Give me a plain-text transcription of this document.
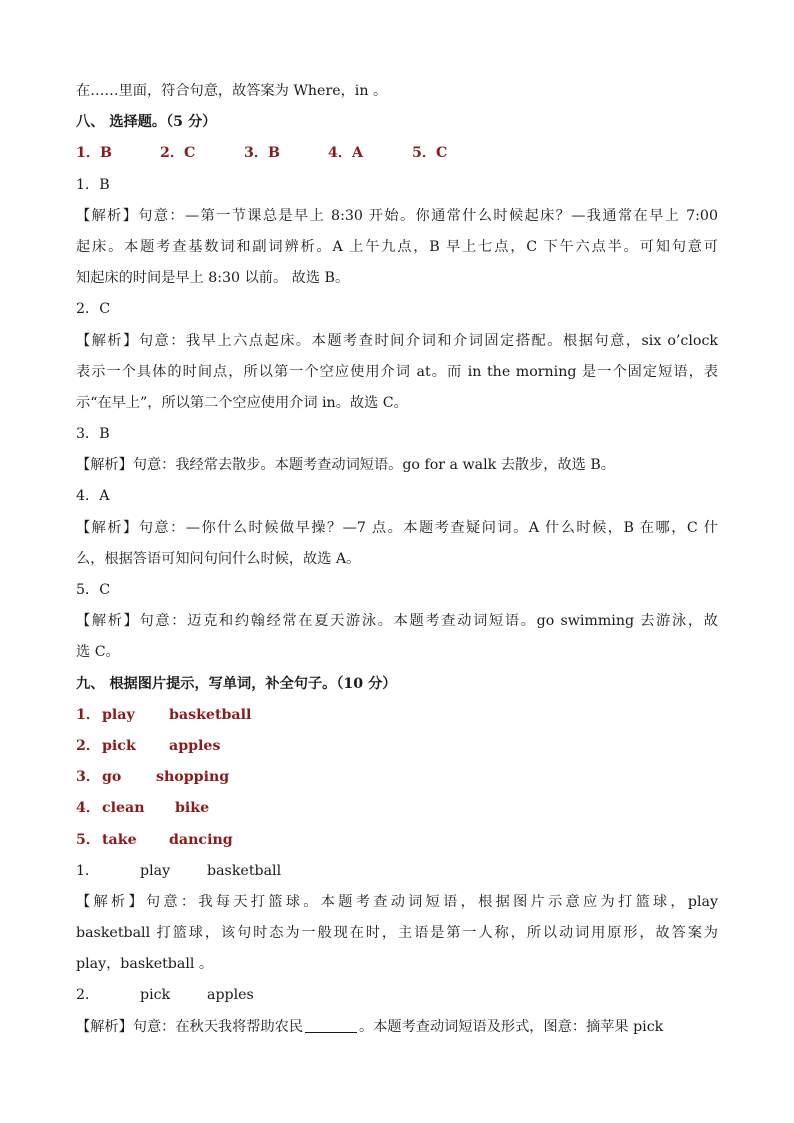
在……里面，符合句意，故答案为 Where，in 。
八、 选择题。（5 分）
1．B	2．C	3．B	4．A	5．C
1．B
【解析】句意：—第一节课总是早上 8:30 开始。你通常什么时候起床？—我通常在早上 7:00
起床。本题考查基数词和副词辨析。A 上午九点，B 早上七点，C 下午六点半。可知句意可
知起床的时间是早上 8:30 以前。 故选 B。
2．C
【解析】句意：我早上六点起床。本题考查时间介词和介词固定搭配。根据句意，six o’clock
表示一个具体的时间点，所以第一个空应使用介词 at。而 in the morning 是一个固定短语，表
示“在早上”，所以第二个空应使用介词 in。故选 C。
3．B
【解析】句意：我经常去散步。本题考查动词短语。go for a walk 去散步，故选 B。
4．A
【解析】句意：—你什么时候做早操？—7 点。本题考查疑问词。A 什么时候，B 在哪，C 什
么，根据答语可知问句问什么时候，故选 A。
5．C
【解析】句意：迈克和约翰经常在夏天游泳。本题考查动词短语。go swimming 去游泳，故
选 C。
九、 根据图片提示，写单词，补全句子。（10 分）
1． play basketball
2． pick apples
3． go shopping
4． clean bike
5． take dancing
1．	play	basketball
【解析】句意：我每天打篮球。本题考查动词短语，根据图片示意应为打篮球，play
basketball 打篮球，该句时态为一般现在时，主语是第一人称，所以动词用原形，故答案为
play，basketball 。
2．	pick	apples
【解析】句意：在秋天我将帮助农民	。本题考查动词短语及形式，图意：摘苹果 pick
